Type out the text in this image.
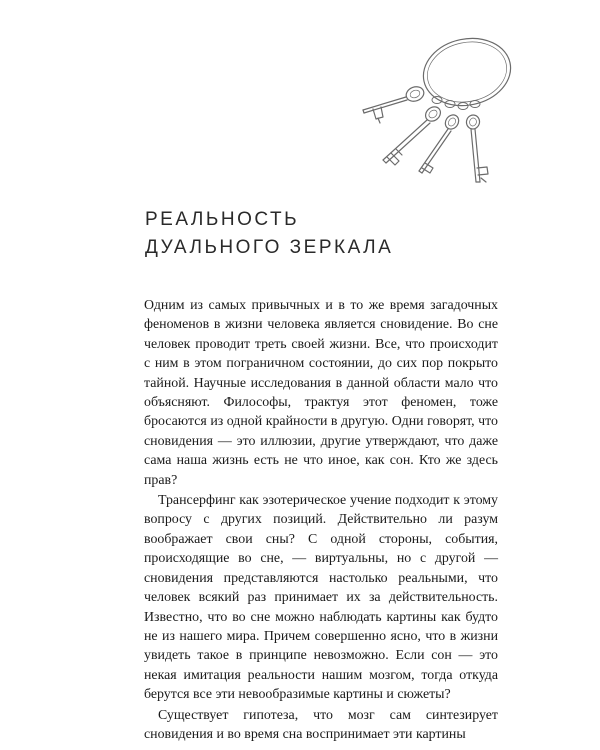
РЕАЛЬНОСТЬ
ДУАЛЬНОГО ЗЕРКАЛА

Одним из самых привычных и в то же время загадочных феноменов в жизни человека является сновидение. Во сне человек проводит треть своей жизни. Все, что происходит с ним в этом пограничном состоянии, до сих пор покрыто тайной. Научные исследования в данной области мало что объясняют. Философы, трактуя этот феномен, тоже бросаются из одной крайности в другую. Одни говорят, что сновидения — это иллюзии, другие утверждают, что даже сама наша жизнь есть не что иное, как сон. Кто же здесь прав?

Трансерфинг как эзотерическое учение подходит к этому вопросу с других позиций. Действительно ли разум воображает свои сны? С одной стороны, события, происходящие во сне, — виртуальны, но с другой — сновидения представляются настолько реальными, что человек всякий раз принимает их за действительность. Известно, что во сне можно наблюдать картины как будто не из нашего мира. Причем совершенно ясно, что в жизни увидеть такое в принципе невозможно. Если сон — это некая имитация реальности нашим мозгом, тогда откуда берутся все эти невообразимые картины и сюжеты?

Существует гипотеза, что мозг сам синтезирует сновидения и во время сна воспринимает эти картины
